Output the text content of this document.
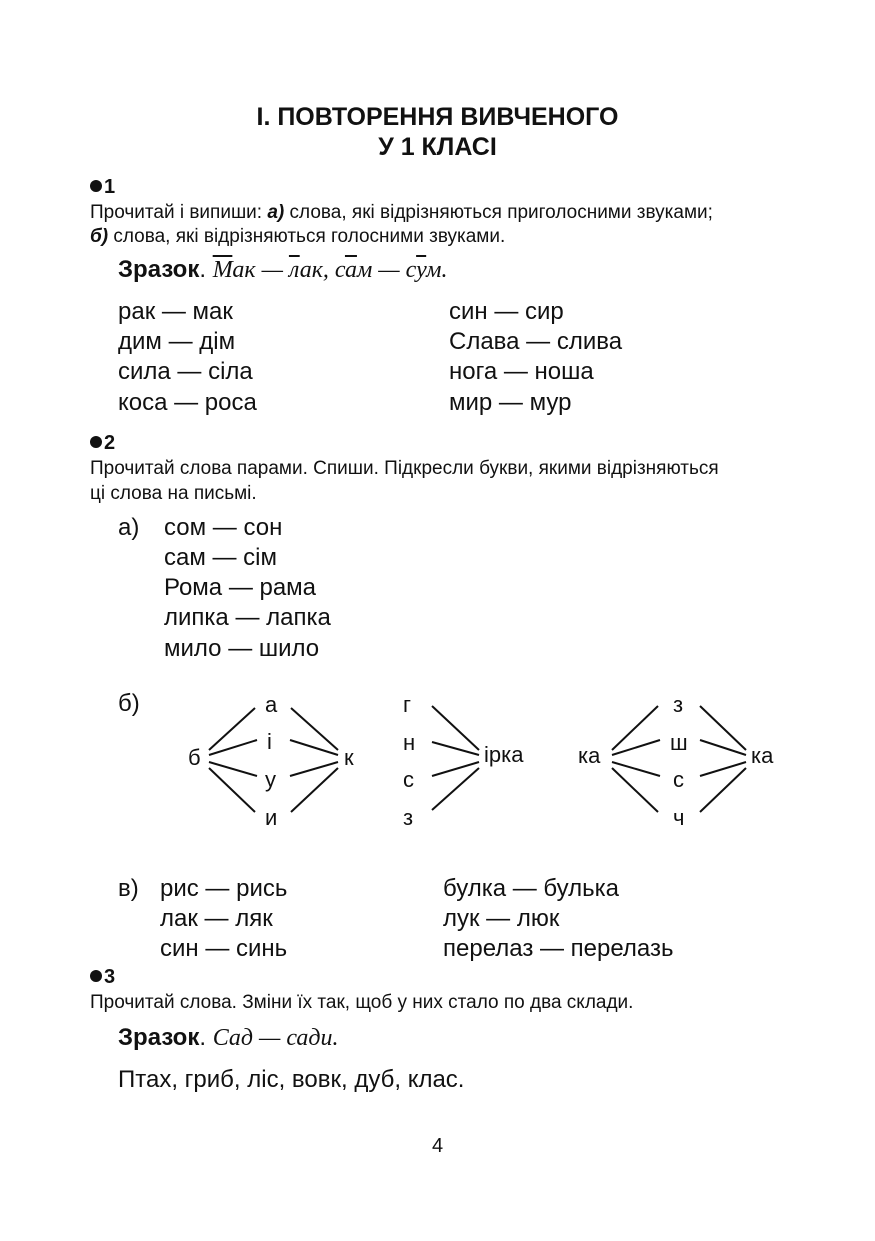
І. ПОВТОРЕННЯ ВИВЧЕНОГО
У 1 КЛАСІ
1
Прочитай і випиши: а) слова, які відрізняються приголосними звуками;
б) слова, які відрізняються голосними звуками.
Зразок. Мак — лак, сам — сум.
рак — мак
дим — дім
сила — сіла
коса — роса
син — сир
Слава — слива
нога — ноша
мир — мур
2
Прочитай слова парами. Спиши. Підкресли букви, якими відрізняються
ці слова на письмі.
а) сом — сон
сам — сім
Рома — рама
липка — лапка
мило — шило
б)
б
а
і
у
и
к
г
н
с
з
ірка ка
з
ш
с
ч
ка
в) рис — рись
лак — ляк
син — синь
булка — булька
лук — люк
перелаз — перелазь
3
Прочитай слова. Зміни їх так, щоб у них стало по два склади.
Зразок. Сад — сади.
Птах, гриб, ліс, вовк, дуб, клас.
4
